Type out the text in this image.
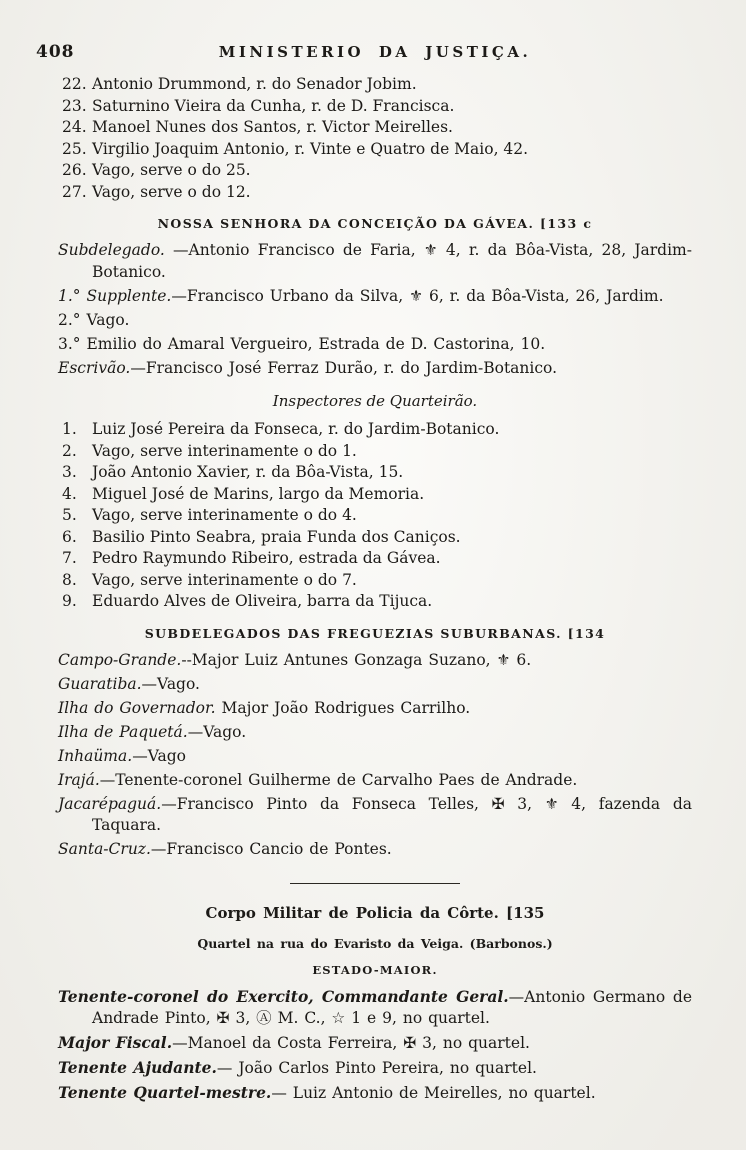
408	MINISTERIO DA JUSTIÇA.

22. Antonio Drummond, r. do Senador Jobim.

23. Saturnino Vieira da Cunha, r. de D. Francisca.

24. Manoel Nunes dos Santos, r. Victor Meirelles.

25. Virgilio Joaquim Antonio, r. Vinte e Quatro de Maio, 42.

26. Vago, serve o do 25.

27. Vago, serve o do 12.

NOSSA SENHORA DA CONCEIÇÃO DA GÁVEA. [133 c

Subdelegado. —Antonio Francisco de Faria, ⚜ 4, r. da Bôa-Vista, 28, Jardim-Botanico.

1.° Supplente.—Francisco Urbano da Silva, ⚜ 6, r. da Bôa-Vista, 26, Jardim.

2.° Vago.

3.° Emilio do Amaral Vergueiro, Estrada de D. Castorina, 10.

Escrivão.—Francisco José Ferraz Durão, r. do Jardim-Botanico.

Inspectores de Quarteirão.

1. Luiz José Pereira da Fonseca, r. do Jardim-Botanico.

2. Vago, serve interinamente o do 1.

3. João Antonio Xavier, r. da Bôa-Vista, 15.

4. Miguel José de Marins, largo da Memoria.

5. Vago, serve interinamente o do 4.

6. Basilio Pinto Seabra, praia Funda dos Caniços.

7. Pedro Raymundo Ribeiro, estrada da Gávea.

8. Vago, serve interinamente o do 7.

9. Eduardo Alves de Oliveira, barra da Tijuca.

SUBDELEGADOS DAS FREGUEZIAS SUBURBANAS. [134

Campo-Grande.--Major Luiz Antunes Gonzaga Suzano, ⚜ 6.

Guaratiba.—Vago.

Ilha do Governador. Major João Rodrigues Carrilho.

Ilha de Paquetá.—Vago.

Inhaüma.—Vago

Irajá.—Tenente-coronel Guilherme de Carvalho Paes de Andrade.

Jacarépaguá.—Francisco Pinto da Fonseca Telles, ✠ 3, ⚜ 4, fazenda da Taquara.

Santa-Cruz.—Francisco Cancio de Pontes.

Corpo Militar de Policia da Côrte. [135
Quartel na rua do Evaristo da Veiga. (Barbonos.)
ESTADO-MAIOR.

Tenente-coronel do Exercito, Commandante Geral.—Antonio Germano de Andrade Pinto, ✠ 3, Ⓐ M. C., ☆ 1 e 9, no quartel.

Major Fiscal.—Manoel da Costa Ferreira, ✠ 3, no quartel.

Tenente Ajudante.— João Carlos Pinto Pereira, no quartel.

Tenente Quartel-mestre.— Luiz Antonio de Meirelles, no quartel.
